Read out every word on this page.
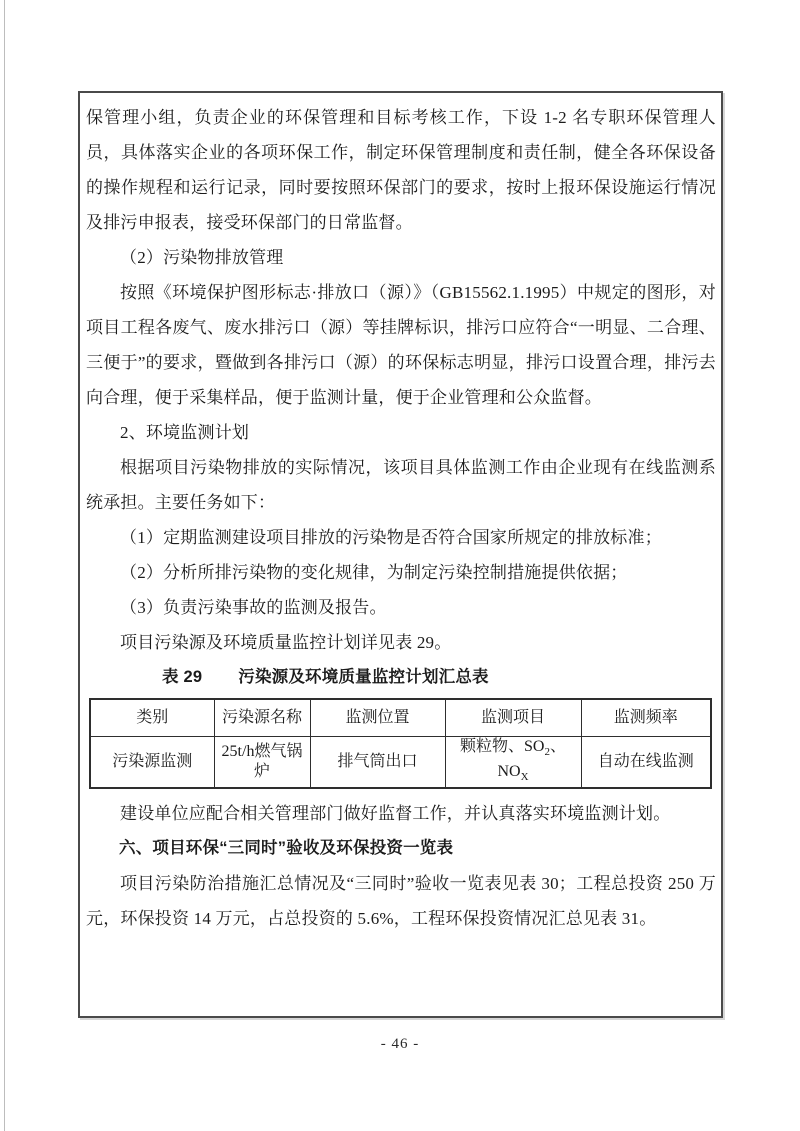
保管理小组，负责企业的环保管理和目标考核工作，下设 1-2 名专职环保管理人员，具体落实企业的各项环保工作，制定环保管理制度和责任制，健全各环保设备的操作规程和运行记录，同时要按照环保部门的要求，按时上报环保设施运行情况及排污申报表，接受环保部门的日常监督。

（2）污染物排放管理

按照《环境保护图形标志·排放口（源）》（GB15562.1.1995）中规定的图形，对项目工程各废气、废水排污口（源）等挂牌标识，排污口应符合“一明显、二合理、三便于”的要求，暨做到各排污口（源）的环保标志明显，排污口设置合理，排污去向合理，便于采集样品，便于监测计量，便于企业管理和公众监督。

2、环境监测计划

根据项目污染物排放的实际情况，该项目具体监测工作由企业现有在线监测系统承担。主要任务如下：

（1）定期监测建设项目排放的污染物是否符合国家所规定的排放标准；

（2）分析所排污染物的变化规律，为制定污染控制措施提供依据；

（3）负责污染事故的监测及报告。

项目污染源及环境质量监控计划详见表 29。

表 29 污染源及环境质量监控计划汇总表
类别	污染源名称	监测位置	监测项目	监测频率
污染源监测	25t/h燃气锅炉	排气筒出口	颗粒物、$SO_2$、$NO_X$	自动在线监测

建设单位应配合相关管理部门做好监督工作，并认真落实环境监测计划。

六、项目环保“三同时”验收及环保投资一览表

项目污染防治措施汇总情况及“三同时”验收一览表见表 30；工程总投资 250 万元，环保投资 14 万元，占总投资的 5.6%，工程环保投资情况汇总见表 31。

- 46 -
